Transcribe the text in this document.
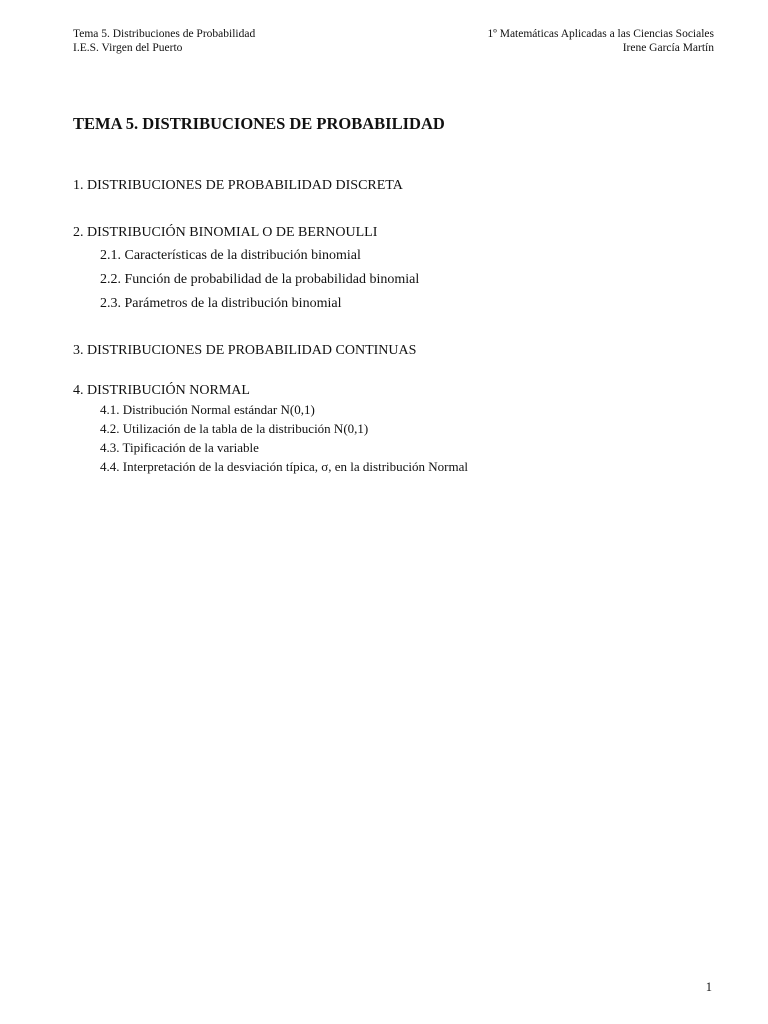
Tema 5. Distribuciones de Probabilidad	1º Matemáticas Aplicadas a las Ciencias Sociales
I.E.S. Virgen del Puerto	Irene García Martín
TEMA 5. DISTRIBUCIONES DE PROBABILIDAD
1. DISTRIBUCIONES DE PROBABILIDAD DISCRETA
2. DISTRIBUCIÓN BINOMIAL O DE BERNOULLI
2.1. Características de la distribución binomial
2.2. Función de probabilidad de la probabilidad binomial
2.3. Parámetros de la distribución binomial
3. DISTRIBUCIONES DE PROBABILIDAD CONTINUAS
4. DISTRIBUCIÓN NORMAL
4.1. Distribución Normal estándar N(0,1)
4.2. Utilización de la tabla de la distribución N(0,1)
4.3. Tipificación de la variable
4.4. Interpretación de la desviación típica, σ, en la distribución Normal
1
